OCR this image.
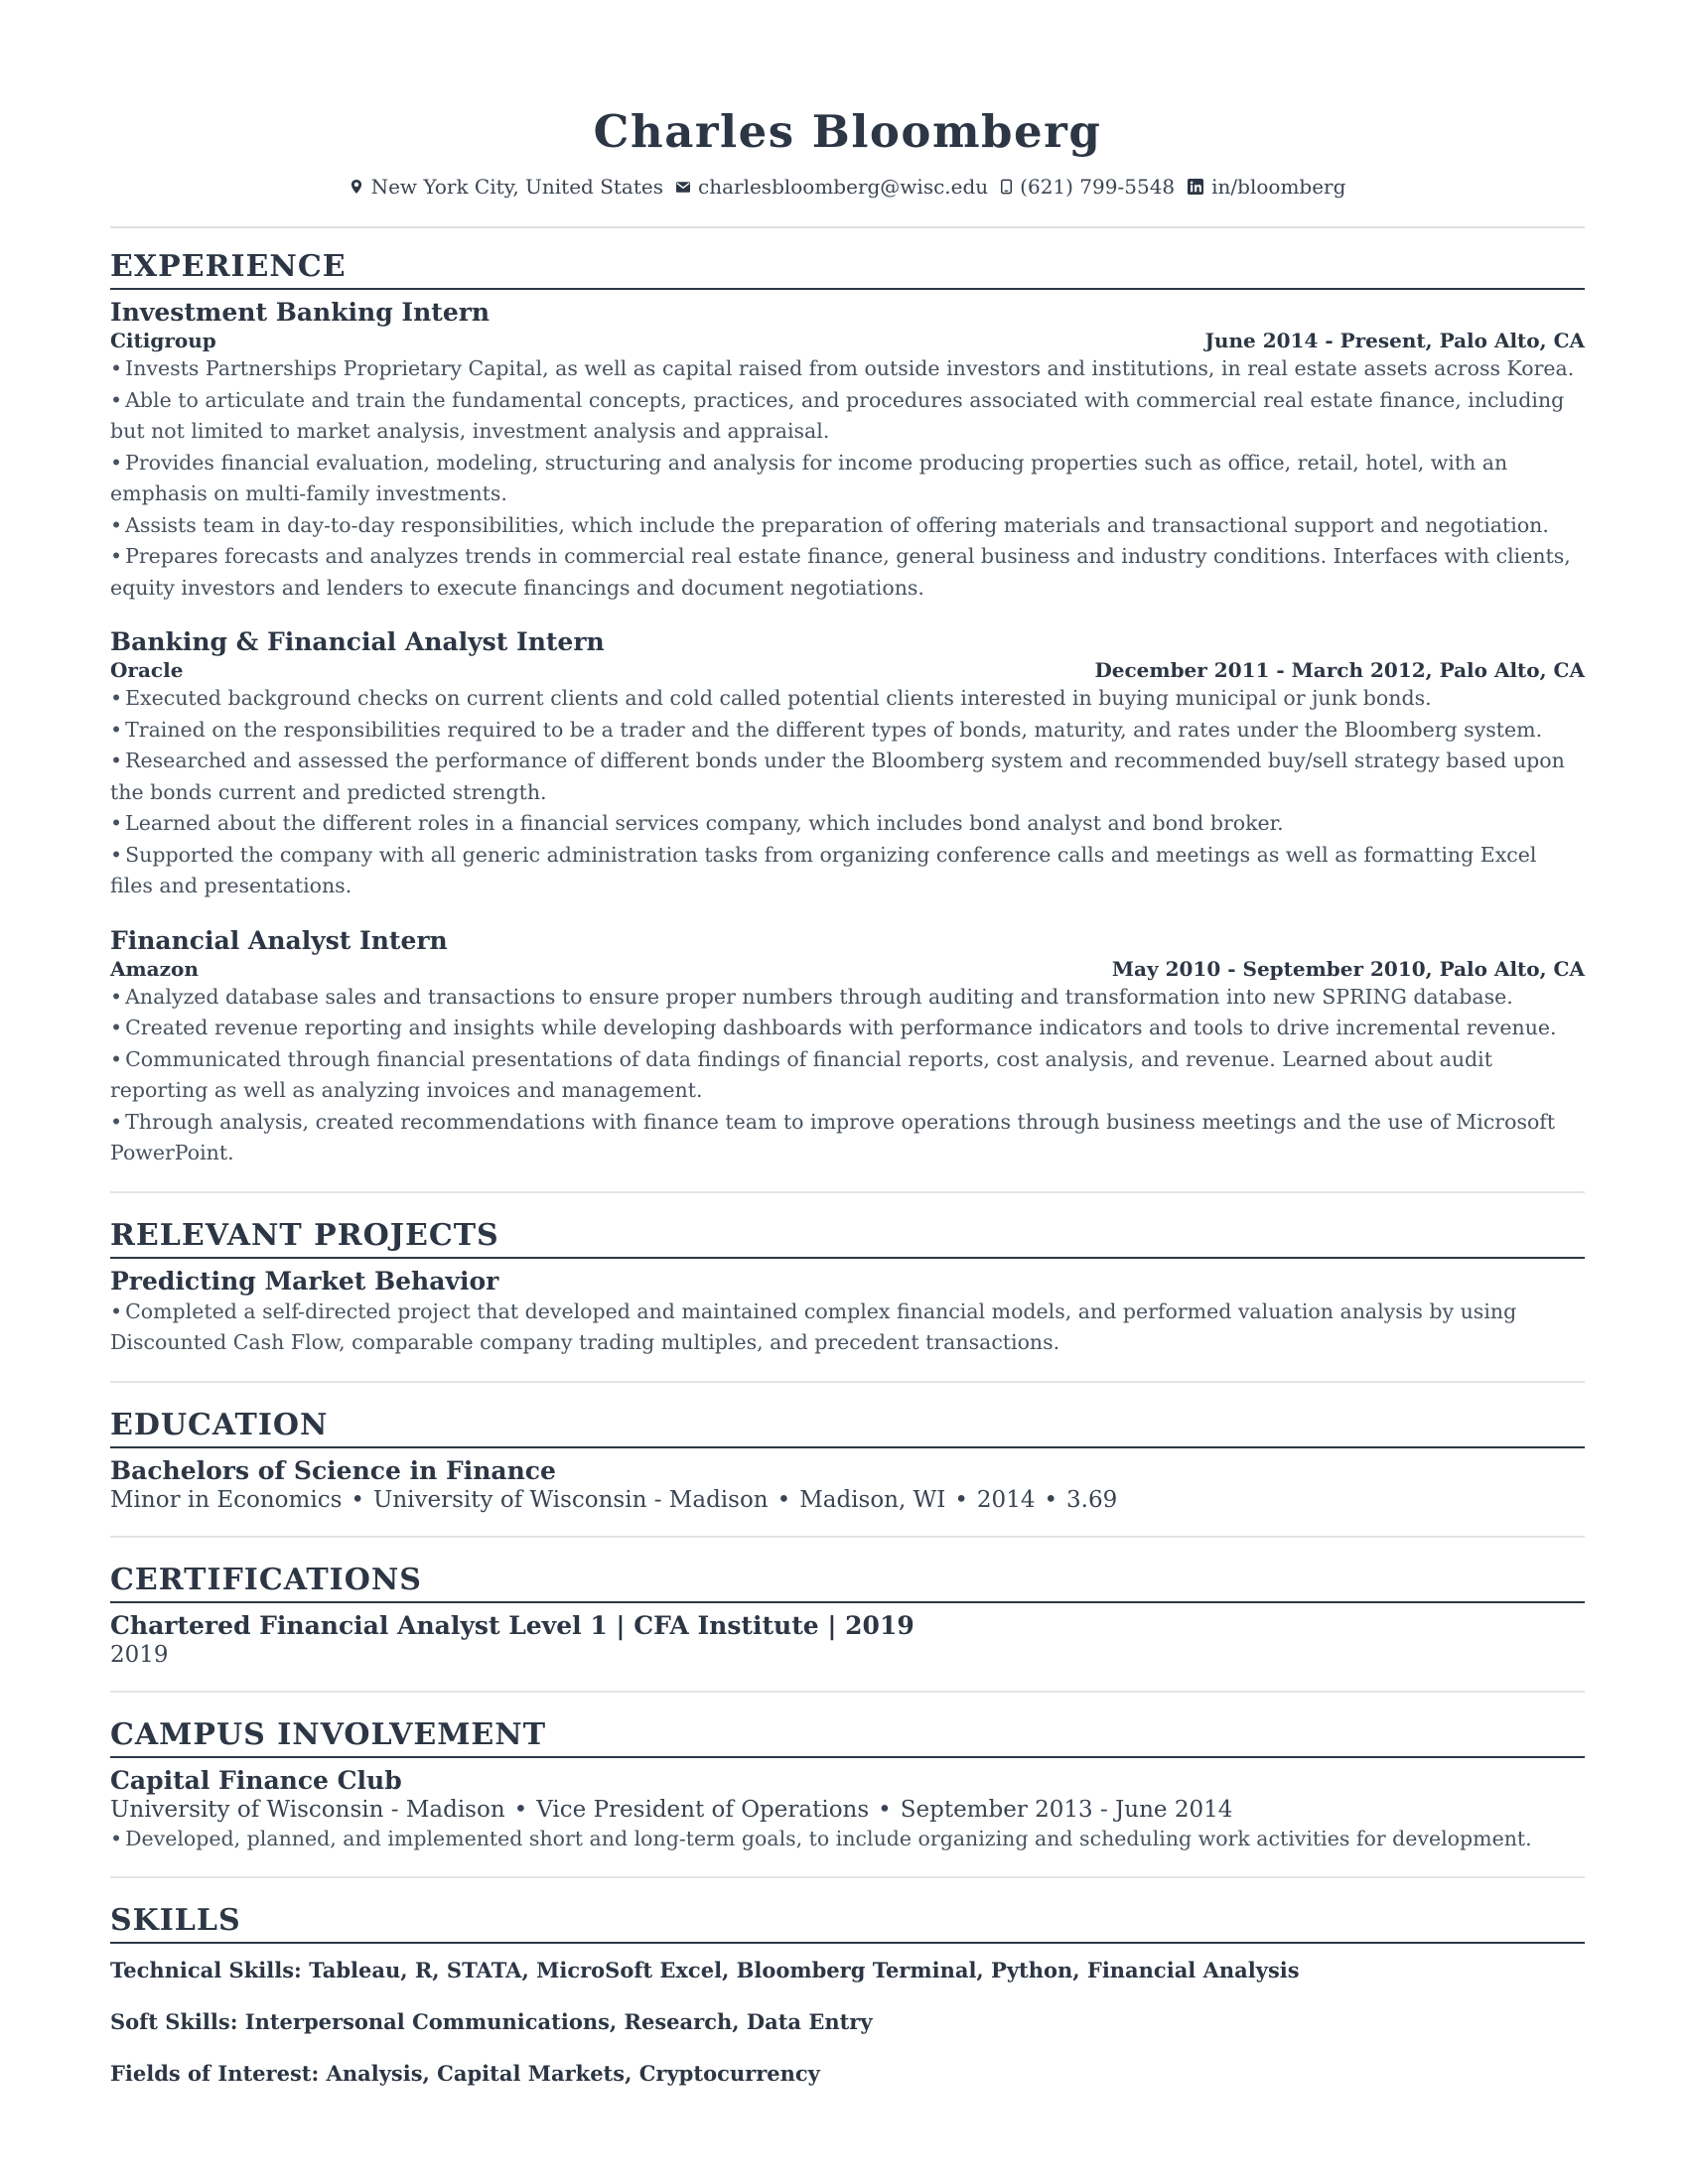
Charles Bloomberg
New York City, United States charlesbloomberg@wisc.edu (621) 799-5548 in/bloomberg
EXPERIENCE
Investment Banking Intern
Citigroup	June 2014 - Present, Palo Alto, CA
• Invests Partnerships Proprietary Capital, as well as capital raised from outside investors and institutions, in real estate assets across Korea.
• Able to articulate and train the fundamental concepts, practices, and procedures associated with commercial real estate finance, including but not limited to market analysis, investment analysis and appraisal.
• Provides financial evaluation, modeling, structuring and analysis for income producing properties such as office, retail, hotel, with an emphasis on multi-family investments.
• Assists team in day-to-day responsibilities, which include the preparation of offering materials and transactional support and negotiation.
• Prepares forecasts and analyzes trends in commercial real estate finance, general business and industry conditions. Interfaces with clients, equity investors and lenders to execute financings and document negotiations.
Banking & Financial Analyst Intern
Oracle	December 2011 - March 2012, Palo Alto, CA
• Executed background checks on current clients and cold called potential clients interested in buying municipal or junk bonds.
• Trained on the responsibilities required to be a trader and the different types of bonds, maturity, and rates under the Bloomberg system.
• Researched and assessed the performance of different bonds under the Bloomberg system and recommended buy/sell strategy based upon the bonds current and predicted strength.
• Learned about the different roles in a financial services company, which includes bond analyst and bond broker.
• Supported the company with all generic administration tasks from organizing conference calls and meetings as well as formatting Excel files and presentations.
Financial Analyst Intern
Amazon	May 2010 - September 2010, Palo Alto, CA
• Analyzed database sales and transactions to ensure proper numbers through auditing and transformation into new SPRING database.
• Created revenue reporting and insights while developing dashboards with performance indicators and tools to drive incremental revenue.
• Communicated through financial presentations of data findings of financial reports, cost analysis, and revenue. Learned about audit reporting as well as analyzing invoices and management.
• Through analysis, created recommendations with finance team to improve operations through business meetings and the use of Microsoft PowerPoint.
RELEVANT PROJECTS
Predicting Market Behavior
• Completed a self-directed project that developed and maintained complex financial models, and performed valuation analysis by using Discounted Cash Flow, comparable company trading multiples, and precedent transactions.
EDUCATION
Bachelors of Science in Finance
Minor in Economics • University of Wisconsin - Madison • Madison, WI • 2014 • 3.69
CERTIFICATIONS
Chartered Financial Analyst Level 1 | CFA Institute | 2019
2019
CAMPUS INVOLVEMENT
Capital Finance Club
University of Wisconsin - Madison • Vice President of Operations • September 2013 - June 2014
• Developed, planned, and implemented short and long-term goals, to include organizing and scheduling work activities for development.
SKILLS
Technical Skills: Tableau, R, STATA, MicroSoft Excel, Bloomberg Terminal, Python, Financial Analysis
Soft Skills: Interpersonal Communications, Research, Data Entry
Fields of Interest: Analysis, Capital Markets, Cryptocurrency
